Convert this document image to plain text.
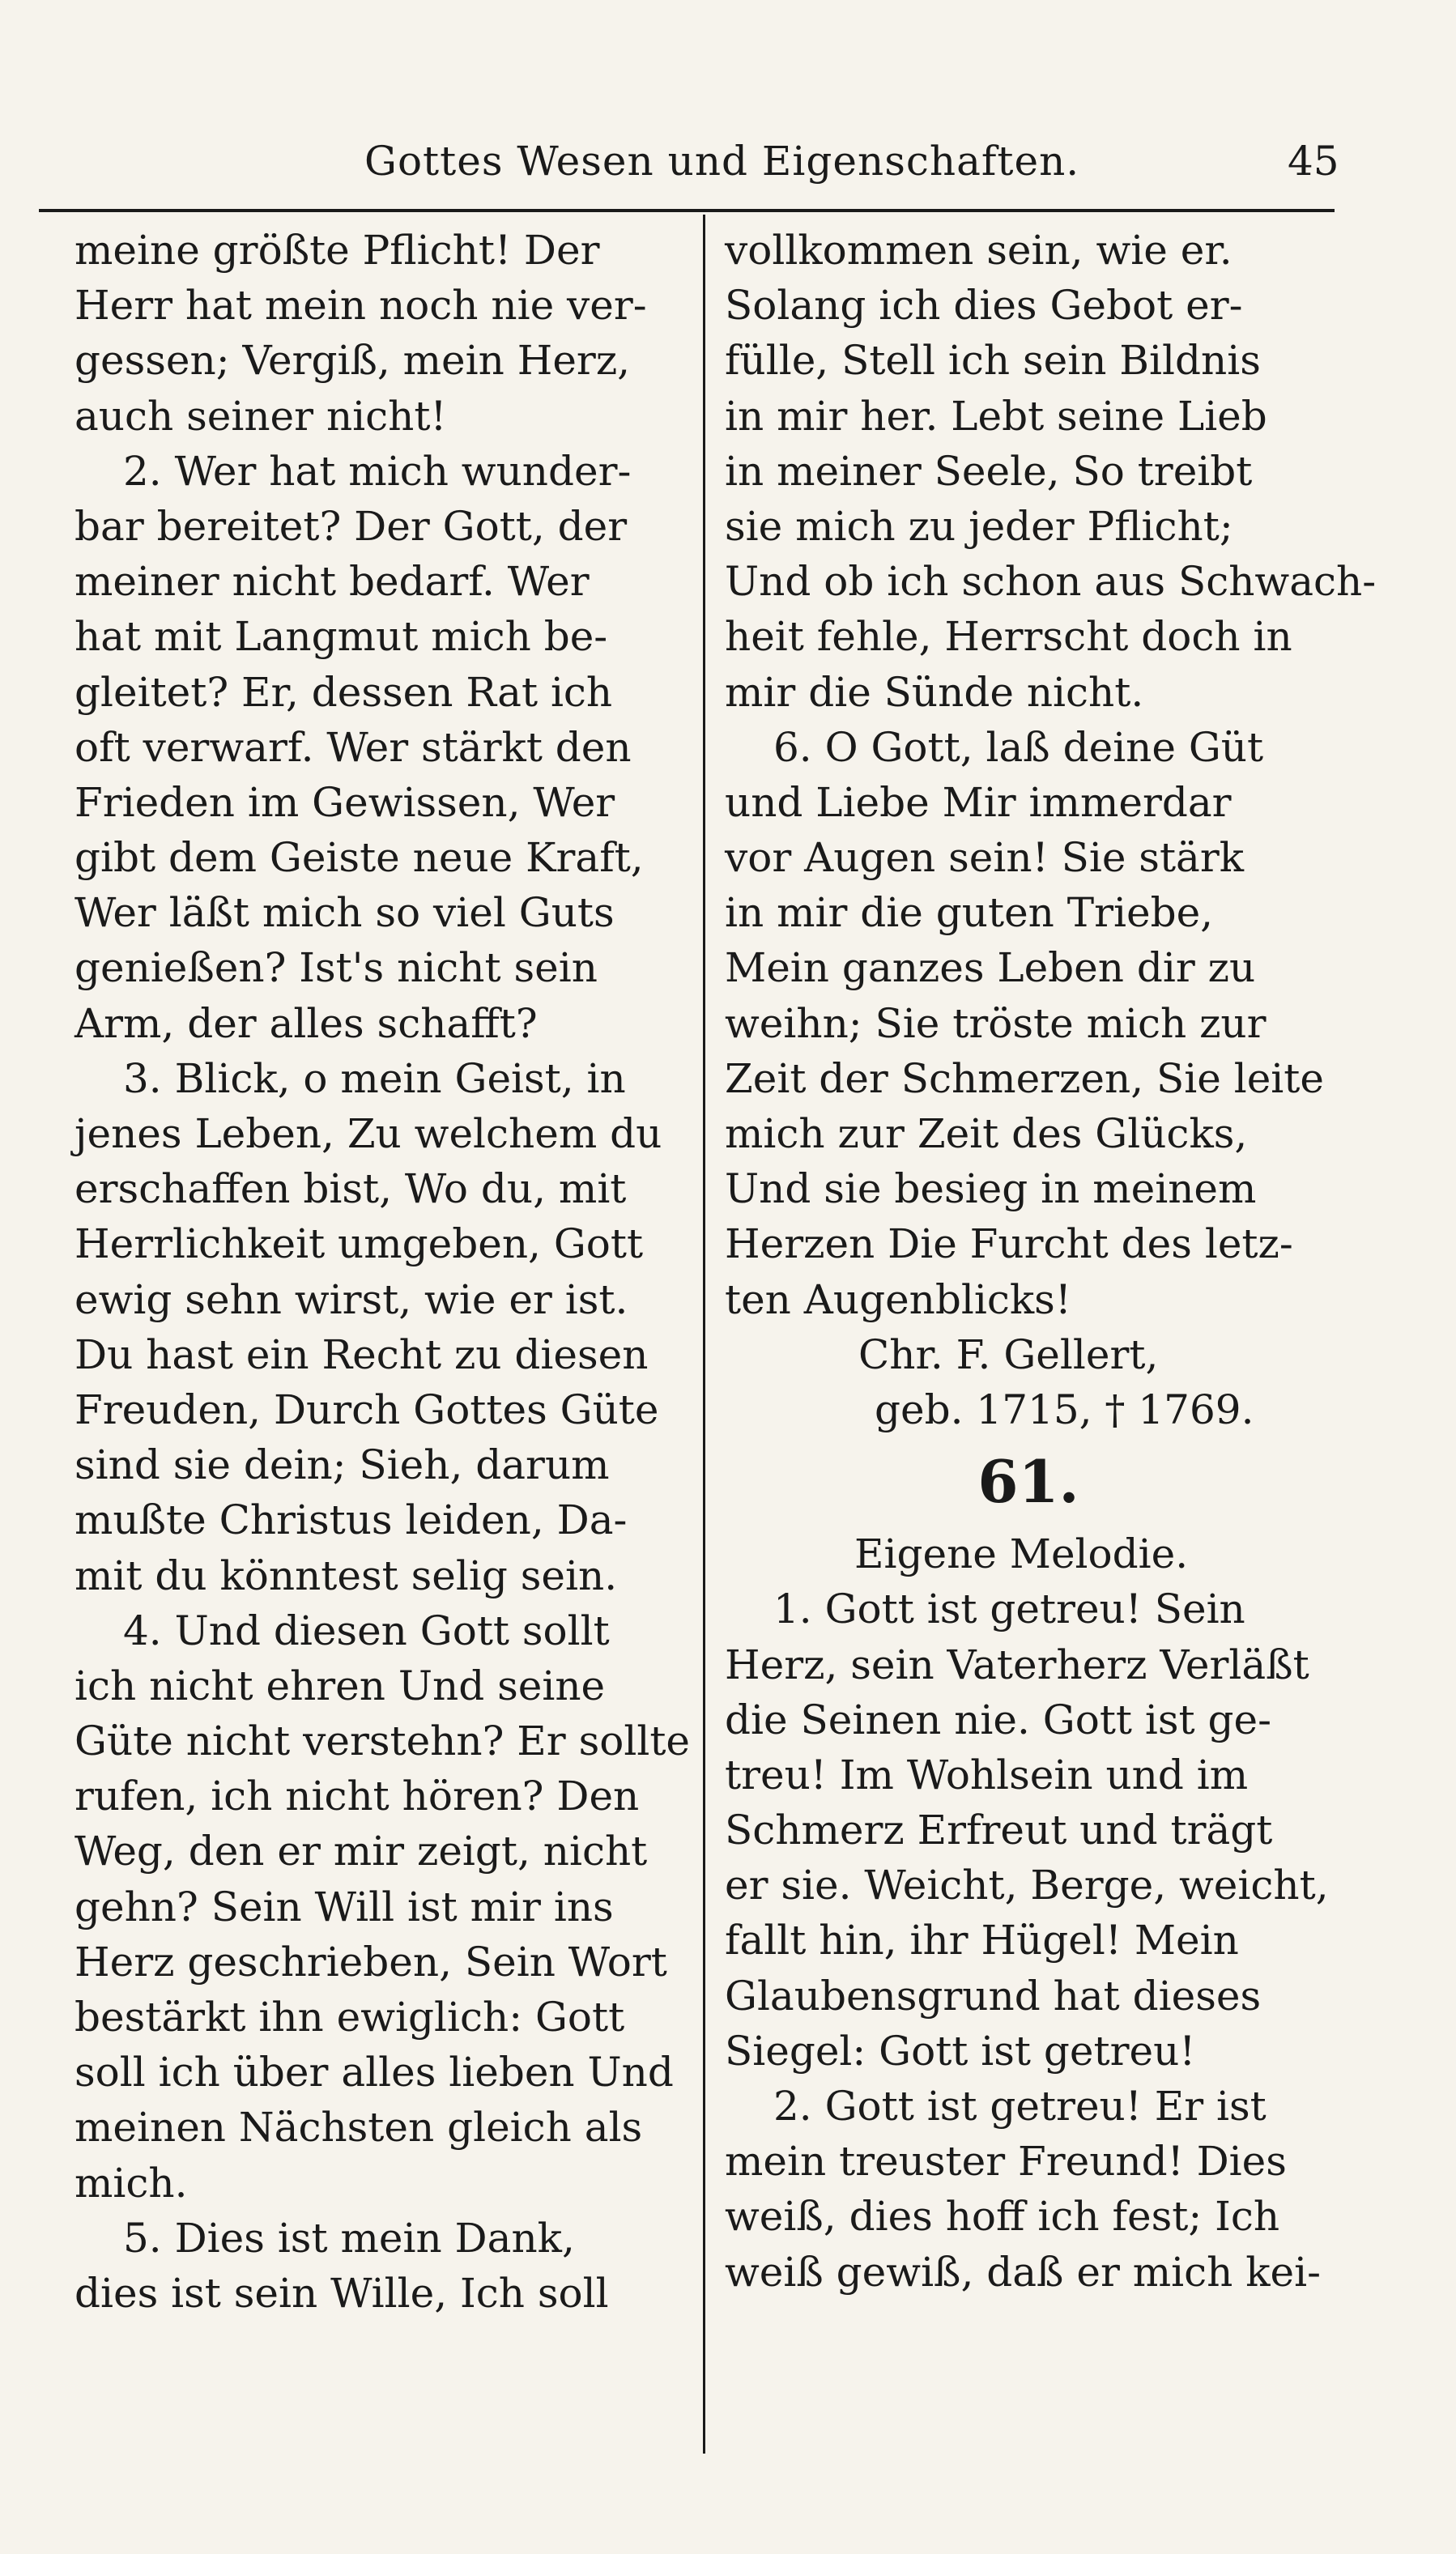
Gottes Wesen und Eigenschaften.	45
meine größte Pflicht! Der
Herr hat mein noch nie ver-
gessen; Vergiß, mein Herz,
auch seiner nicht!
2. Wer hat mich wunder-
bar bereitet? Der Gott, der
meiner nicht bedarf. Wer
hat mit Langmut mich be-
gleitet? Er, dessen Rat ich
oft verwarf. Wer stärkt den
Frieden im Gewissen, Wer
gibt dem Geiste neue Kraft,
Wer läßt mich so viel Guts
genießen? Ist's nicht sein
Arm, der alles schafft?
3. Blick, o mein Geist, in
jenes Leben, Zu welchem du
erschaffen bist, Wo du, mit
Herrlichkeit umgeben, Gott
ewig sehn wirst, wie er ist.
Du hast ein Recht zu diesen
Freuden, Durch Gottes Güte
sind sie dein; Sieh, darum
mußte Christus leiden, Da-
mit du könntest selig sein.
4. Und diesen Gott sollt
ich nicht ehren Und seine
Güte nicht verstehn? Er sollte
rufen, ich nicht hören? Den
Weg, den er mir zeigt, nicht
gehn? Sein Will ist mir ins
Herz geschrieben, Sein Wort
bestärkt ihn ewiglich: Gott
soll ich über alles lieben Und
meinen Nächsten gleich als
mich.
5. Dies ist mein Dank,
dies ist sein Wille, Ich soll
vollkommen sein, wie er.
Solang ich dies Gebot er-
fülle, Stell ich sein Bildnis
in mir her. Lebt seine Lieb
in meiner Seele, So treibt
sie mich zu jeder Pflicht;
Und ob ich schon aus Schwach-
heit fehle, Herrscht doch in
mir die Sünde nicht.
6. O Gott, laß deine Güt
und Liebe Mir immerdar
vor Augen sein! Sie stärk
in mir die guten Triebe,
Mein ganzes Leben dir zu
weihn; Sie tröste mich zur
Zeit der Schmerzen, Sie leite
mich zur Zeit des Glücks,
Und sie besieg in meinem
Herzen Die Furcht des letz-
ten Augenblicks!
Chr. F. Gellert,
geb. 1715, † 1769.
61.
Eigene Melodie.
1. Gott ist getreu! Sein
Herz, sein Vaterherz Verläßt
die Seinen nie. Gott ist ge-
treu! Im Wohlsein und im
Schmerz Erfreut und trägt
er sie. Weicht, Berge, weicht,
fallt hin, ihr Hügel! Mein
Glaubensgrund hat dieses
Siegel: Gott ist getreu!
2. Gott ist getreu! Er ist
mein treuster Freund! Dies
weiß, dies hoff ich fest; Ich
weiß gewiß, daß er mich kei-
